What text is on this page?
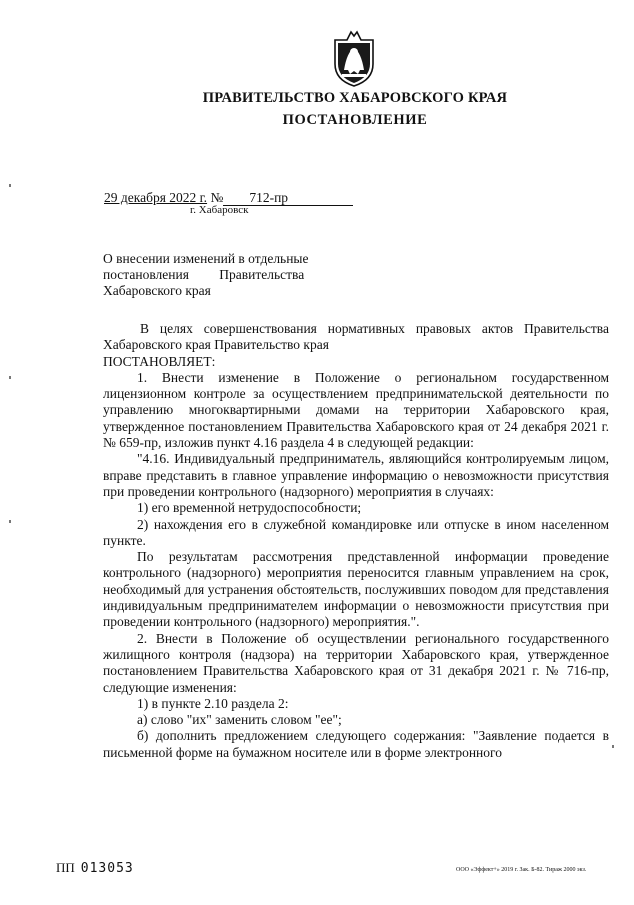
ПРАВИТЕЛЬСТВО ХАБАРОВСКОГО КРАЯ
ПОСТАНОВЛЕНИЕ
29 декабря 2022 г. № 712-пр
г. Хабаровск
О внесении изменений в отдельные
постановления         Правительства
Хабаровского края

В целях совершенствования нормативных правовых актов Правительства Хабаровского края Правительство края

ПОСТАНОВЛЯЕТ:

1. Внести изменение в Положение о региональном государственном лицензионном контроле за осуществлением предпринимательской деятельности по управлению многоквартирными домами на территории Хабаровского края, утвержденное постановлением Правительства Хабаровского края от 24 декабря 2021 г. № 659-пр, изложив пункт 4.16 раздела 4 в следующей редакции:

"4.16. Индивидуальный предприниматель, являющийся контролируемым лицом, вправе представить в главное управление информацию о невозможности присутствия при проведении контрольного (надзорного) мероприятия в случаях:

1) его временной нетрудоспособности;

2) нахождения его в служебной командировке или отпуске в ином населенном пункте.

По результатам рассмотрения представленной информации проведение контрольного (надзорного) мероприятия переносится главным управлением на срок, необходимый для устранения обстоятельств, послуживших поводом для представления индивидуальным предпринимателем информации о невозможности присутствия при проведении контрольного (надзорного) мероприятия.".

2. Внести в Положение об осуществлении регионального государственного жилищного контроля (надзора) на территории Хабаровского края, утвержденное постановлением Правительства Хабаровского края от 31 декабря 2021 г. № 716-пр, следующие изменения:

1) в пункте 2.10 раздела 2:

а) слово "их" заменить словом "ее";

б) дополнить предложением следующего содержания: "Заявление подается в письменной форме на бумажном носителе или в форме электронного

ПП 013053	ООО «Эффект+» 2019 г. Зак. Б-82. Тираж 2000 экз.
